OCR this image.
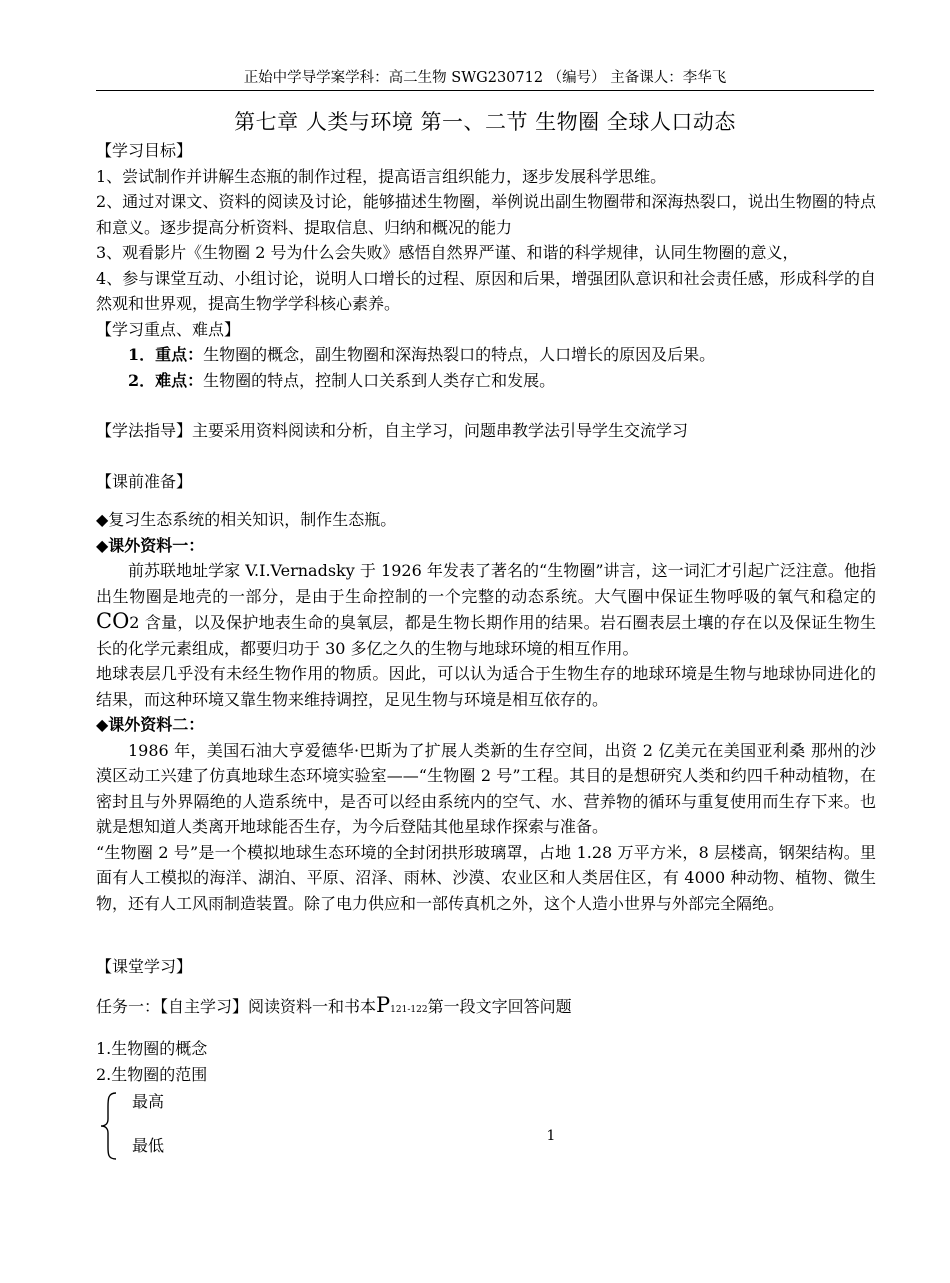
正始中学导学案学科：高二生物 SWG230712 （编号） 主备课人：李华飞
第七章 人类与环境 第一、二节 生物圈 全球人口动态

【学习目标】

1、尝试制作并讲解生态瓶的制作过程，提高语言组织能力，逐步发展科学思维。

2、通过对课文、资料的阅读及讨论，能够描述生物圈，举例说出副生物圈带和深海热裂口，说出生物圈的特点和意义。逐步提高分析资料、提取信息、归纳和概况的能力

3、观看影片《生物圈 2 号为什么会失败》感悟自然界严谨、和谐的科学规律，认同生物圈的意义，

4、参与课堂互动、小组讨论，说明人口增长的过程、原因和后果，增强团队意识和社会责任感，形成科学的自然观和世界观，提高生物学学科核心素养。

【学习重点、难点】

1．重点：生物圈的概念，副生物圈和深海热裂口的特点，人口增长的原因及后果。

2．难点：生物圈的特点，控制人口关系到人类存亡和发展。

【学法指导】主要采用资料阅读和分析，自主学习，问题串教学法引导学生交流学习

【课前准备】

◆复习生态系统的相关知识，制作生态瓶。

◆课外资料一：

前苏联地址学家 V.I.Vernadsky 于 1926 年发表了著名的“生物圈”讲言，这一词汇才引起广泛注意。他指出生物圈是地壳的一部分，是由于生命控制的一个完整的动态系统。大气圈中保证生物呼吸的氧气和稳定的CO2 含量，以及保护地表生命的臭氧层，都是生物长期作用的结果。岩石圈表层土壤的存在以及保证生物生长的化学元素组成，都要归功于 30 多亿之久的生物与地球环境的相互作用。

地球表层几乎没有未经生物作用的物质。因此，可以认为适合于生物生存的地球环境是生物与地球协同进化的结果，而这种环境又靠生物来维持调控，足见生物与环境是相互依存的。

◆课外资料二：

1986 年，美国石油大亨爱德华·巴斯为了扩展人类新的生存空间，出资 2 亿美元在美国亚利桑 那州的沙漠区动工兴建了仿真地球生态环境实验室——“生物圈 2 号”工程。其目的是想研究人类和约四千种动植物，在密封且与外界隔绝的人造系统中，是否可以经由系统内的空气、水、营养物的循环与重复使用而生存下来。也就是想知道人类离开地球能否生存，为今后登陆其他星球作探索与准备。

“生物圈 2 号”是一个模拟地球生态环境的全封闭拱形玻璃罩，占地 1.28 万平方米，8 层楼高，钢架结构。里面有人工模拟的海洋、湖泊、平原、沼泽、雨林、沙漠、农业区和人类居住区，有 4000 种动物、植物、微生物，还有人工风雨制造装置。除了电力供应和一部传真机之外，这个人造小世界与外部完全隔绝。

【课堂学习】

任务一：【自主学习】阅读资料一和书本P121-122第一段文字回答问题

1.生物圈的概念

2.生物圈的范围

最高
最低	1
